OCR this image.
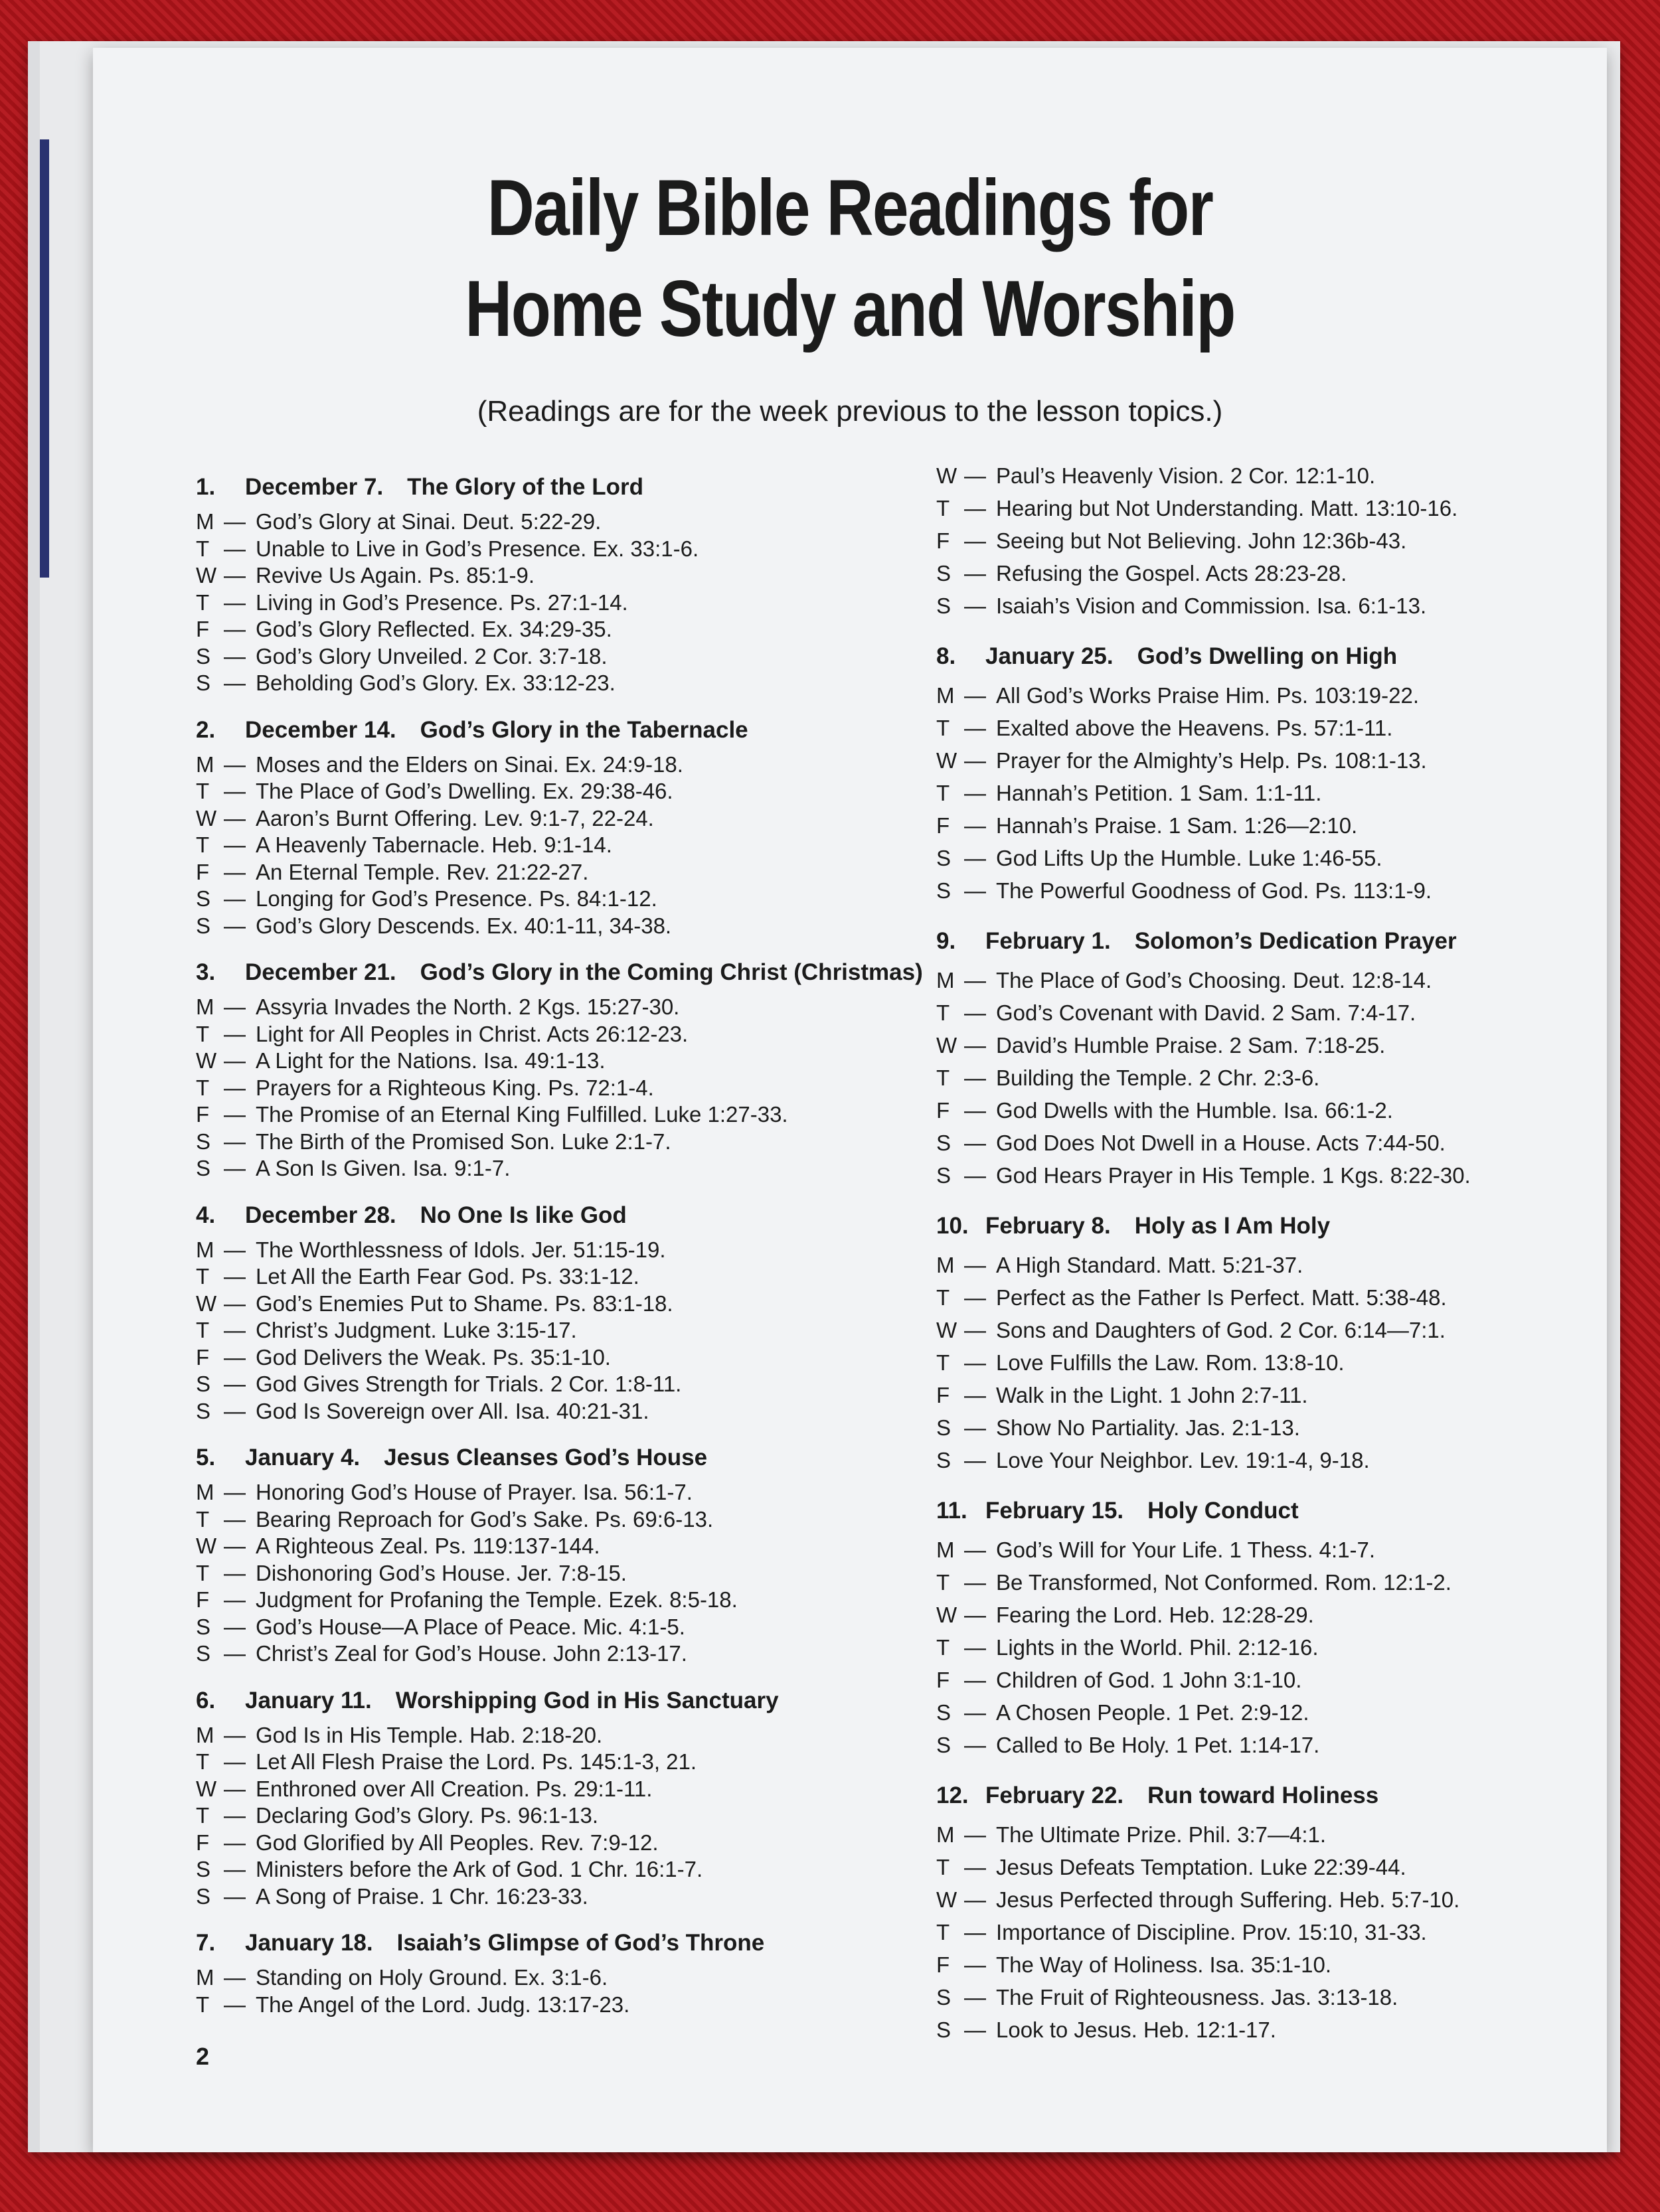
Daily Bible Readings for
Home Study and Worship
(Readings are for the week previous to the lesson topics.)
1.	December 7. The Glory of the Lord
M — God’s Glory at Sinai. Deut. 5:22-29.
T — Unable to Live in God’s Presence. Ex. 33:1-6.
W — Revive Us Again. Ps. 85:1-9.
T — Living in God’s Presence. Ps. 27:1-14.
F — God’s Glory Reflected. Ex. 34:29-35.
S — God’s Glory Unveiled. 2 Cor. 3:7-18.
S — Beholding God’s Glory. Ex. 33:12-23.
2.	December 14. God’s Glory in the Tabernacle
M — Moses and the Elders on Sinai. Ex. 24:9-18.
T — The Place of God’s Dwelling. Ex. 29:38-46.
W — Aaron’s Burnt Offering. Lev. 9:1-7, 22-24.
T — A Heavenly Tabernacle. Heb. 9:1-14.
F — An Eternal Temple. Rev. 21:22-27.
S — Longing for God’s Presence. Ps. 84:1-12.
S — God’s Glory Descends. Ex. 40:1-11, 34-38.
3.	December 21. God’s Glory in the Coming Christ (Christmas)
M — Assyria Invades the North. 2 Kgs. 15:27-30.
T — Light for All Peoples in Christ. Acts 26:12-23.
W — A Light for the Nations. Isa. 49:1-13.
T — Prayers for a Righteous King. Ps. 72:1-4.
F — The Promise of an Eternal King Fulfilled. Luke 1:27-33.
S — The Birth of the Promised Son. Luke 2:1-7.
S — A Son Is Given. Isa. 9:1-7.
4.	December 28. No One Is like God
M — The Worthlessness of Idols. Jer. 51:15-19.
T — Let All the Earth Fear God. Ps. 33:1-12.
W — God’s Enemies Put to Shame. Ps. 83:1-18.
T — Christ’s Judgment. Luke 3:15-17.
F — God Delivers the Weak. Ps. 35:1-10.
S — God Gives Strength for Trials. 2 Cor. 1:8-11.
S — God Is Sovereign over All. Isa. 40:21-31.
5.	January 4. Jesus Cleanses God’s House
M — Honoring God’s House of Prayer. Isa. 56:1-7.
T — Bearing Reproach for God’s Sake. Ps. 69:6-13.
W — A Righteous Zeal. Ps. 119:137-144.
T — Dishonoring God’s House. Jer. 7:8-15.
F — Judgment for Profaning the Temple. Ezek. 8:5-18.
S — God’s House—A Place of Peace. Mic. 4:1-5.
S — Christ’s Zeal for God’s House. John 2:13-17.
6.	January 11. Worshipping God in His Sanctuary
M — God Is in His Temple. Hab. 2:18-20.
T — Let All Flesh Praise the Lord. Ps. 145:1-3, 21.
W — Enthroned over All Creation. Ps. 29:1-11.
T — Declaring God’s Glory. Ps. 96:1-13.
F — God Glorified by All Peoples. Rev. 7:9-12.
S — Ministers before the Ark of God. 1 Chr. 16:1-7.
S — A Song of Praise. 1 Chr. 16:23-33.
7.	January 18. Isaiah’s Glimpse of God’s Throne
M — Standing on Holy Ground. Ex. 3:1-6.
T — The Angel of the Lord. Judg. 13:17-23.
2
W — Paul’s Heavenly Vision. 2 Cor. 12:1-10.
T — Hearing but Not Understanding. Matt. 13:10-16.
F — Seeing but Not Believing. John 12:36b-43.
S — Refusing the Gospel. Acts 28:23-28.
S — Isaiah’s Vision and Commission. Isa. 6:1-13.
8.	January 25. God’s Dwelling on High
M — All God’s Works Praise Him. Ps. 103:19-22.
T — Exalted above the Heavens. Ps. 57:1-11.
W — Prayer for the Almighty’s Help. Ps. 108:1-13.
T — Hannah’s Petition. 1 Sam. 1:1-11.
F — Hannah’s Praise. 1 Sam. 1:26—2:10.
S — God Lifts Up the Humble. Luke 1:46-55.
S — The Powerful Goodness of God. Ps. 113:1-9.
9.	February 1. Solomon’s Dedication Prayer
M — The Place of God’s Choosing. Deut. 12:8-14.
T — God’s Covenant with David. 2 Sam. 7:4-17.
W — David’s Humble Praise. 2 Sam. 7:18-25.
T — Building the Temple. 2 Chr. 2:3-6.
F — God Dwells with the Humble. Isa. 66:1-2.
S — God Does Not Dwell in a House. Acts 7:44-50.
S — God Hears Prayer in His Temple. 1 Kgs. 8:22-30.
10. February 8. Holy as I Am Holy
M — A High Standard. Matt. 5:21-37.
T — Perfect as the Father Is Perfect. Matt. 5:38-48.
W — Sons and Daughters of God. 2 Cor. 6:14—7:1.
T — Love Fulfills the Law. Rom. 13:8-10.
F — Walk in the Light. 1 John 2:7-11.
S — Show No Partiality. Jas. 2:1-13.
S — Love Your Neighbor. Lev. 19:1-4, 9-18.
11. February 15. Holy Conduct
M — God’s Will for Your Life. 1 Thess. 4:1-7.
T — Be Transformed, Not Conformed. Rom. 12:1-2.
W — Fearing the Lord. Heb. 12:28-29.
T — Lights in the World. Phil. 2:12-16.
F — Children of God. 1 John 3:1-10.
S — A Chosen People. 1 Pet. 2:9-12.
S — Called to Be Holy. 1 Pet. 1:14-17.
12. February 22. Run toward Holiness
M — The Ultimate Prize. Phil. 3:7—4:1.
T — Jesus Defeats Temptation. Luke 22:39-44.
W — Jesus Perfected through Suffering. Heb. 5:7-10.
T — Importance of Discipline. Prov. 15:10, 31-33.
F — The Way of Holiness. Isa. 35:1-10.
S — The Fruit of Righteousness. Jas. 3:13-18.
S — Look to Jesus. Heb. 12:1-17.
